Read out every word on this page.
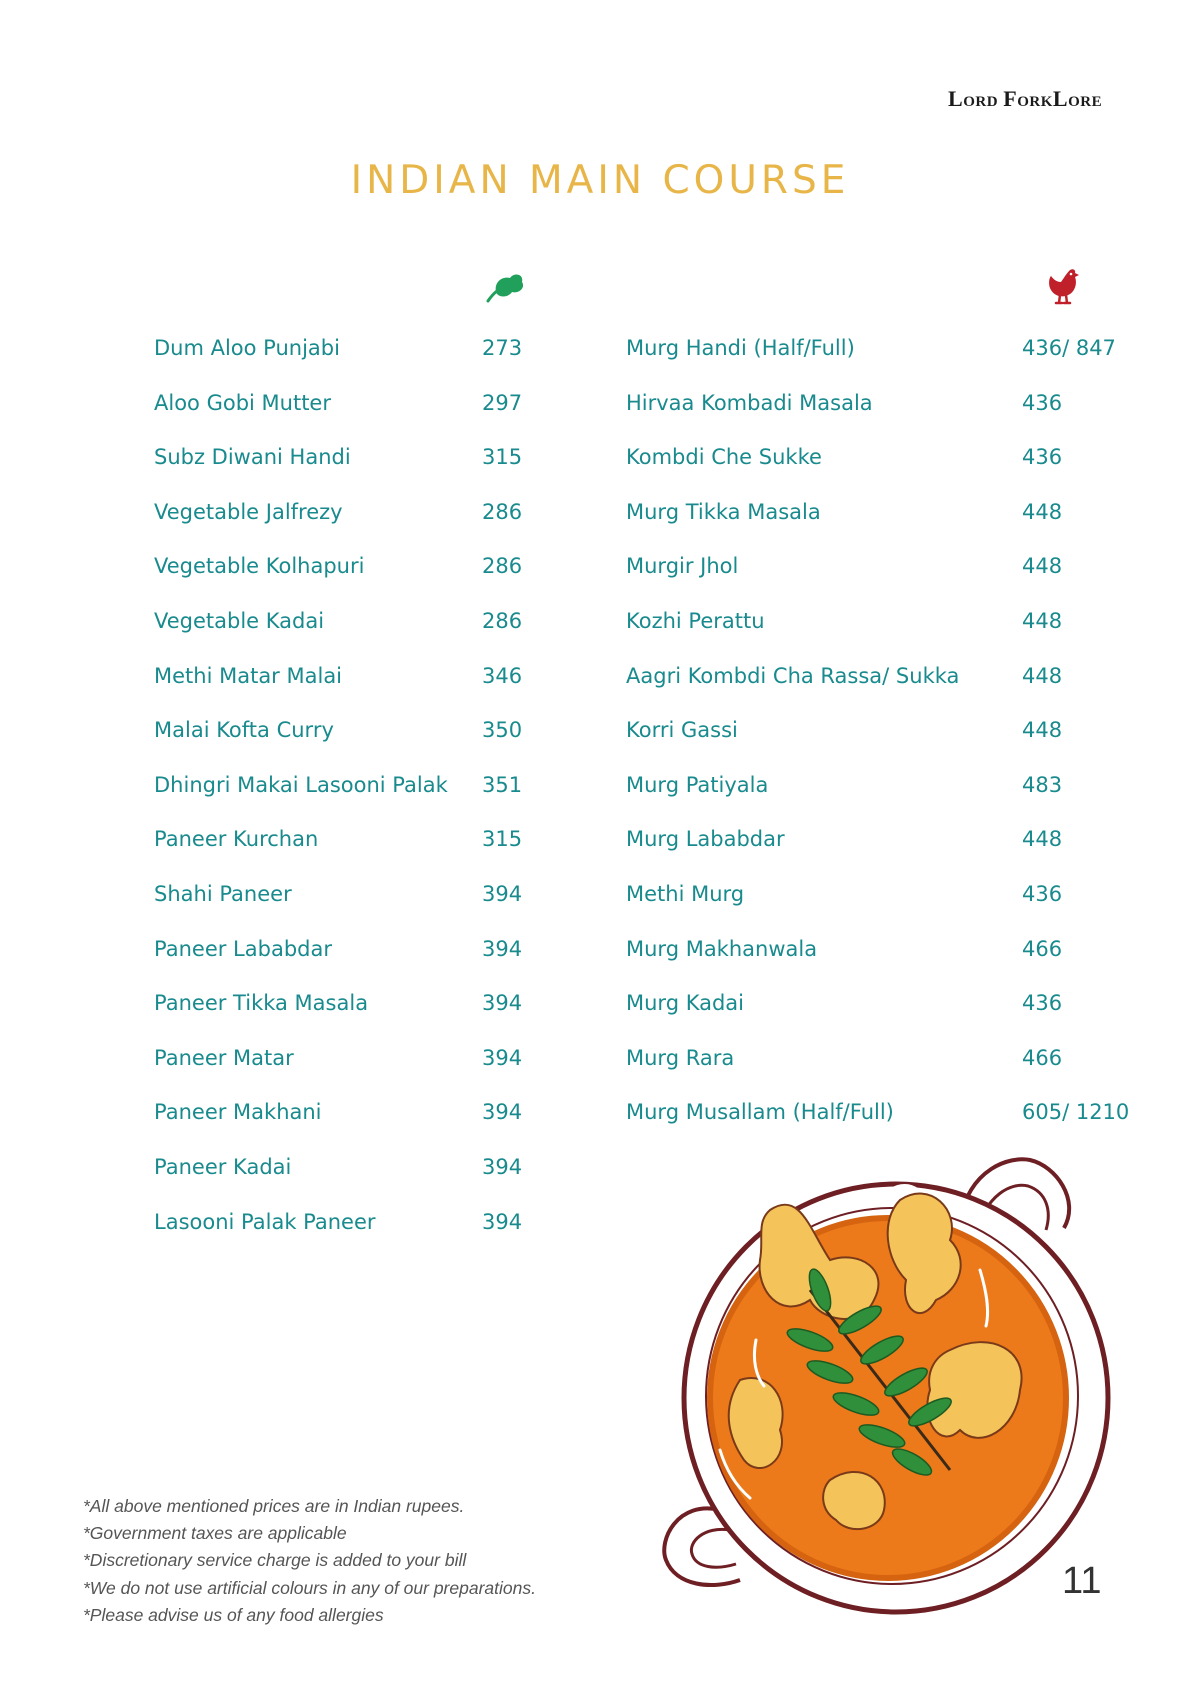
LORD FORKLORE
INDIAN MAIN COURSE
Dum Aloo Punjabi	273
Aloo Gobi Mutter	297
Subz Diwani Handi	315
Vegetable Jalfrezy	286
Vegetable Kolhapuri	286
Vegetable Kadai	286
Methi Matar Malai	346
Malai Kofta Curry	350
Dhingri Makai Lasooni Palak 351
Paneer Kurchan	315
Shahi Paneer	394
Paneer Lababdar	394
Paneer Tikka Masala	394
Paneer Matar	394
Paneer Makhani	394
Paneer Kadai	394
Lasooni Palak Paneer	394
Murg Handi (Half/Full)	436/ 847
Hirvaa Kombadi Masala	436
Kombdi Che Sukke	436
Murg Tikka Masala	448
Murgir Jhol	448
Kozhi Perattu	448
Aagri Kombdi Cha Rassa/ Sukka	448
Korri Gassi	448
Murg Patiyala	483
Murg Lababdar	448
Methi Murg	436
Murg Makhanwala	466
Murg Kadai	436
Murg Rara	466
Murg Musallam (Half/Full)	605/ 1210
*All above mentioned prices are in Indian rupees.
*Government taxes are applicable
*Discretionary service charge is added to your bill
*We do not use artificial colours in any of our preparations.
*Please advise us of any food allergies
11
